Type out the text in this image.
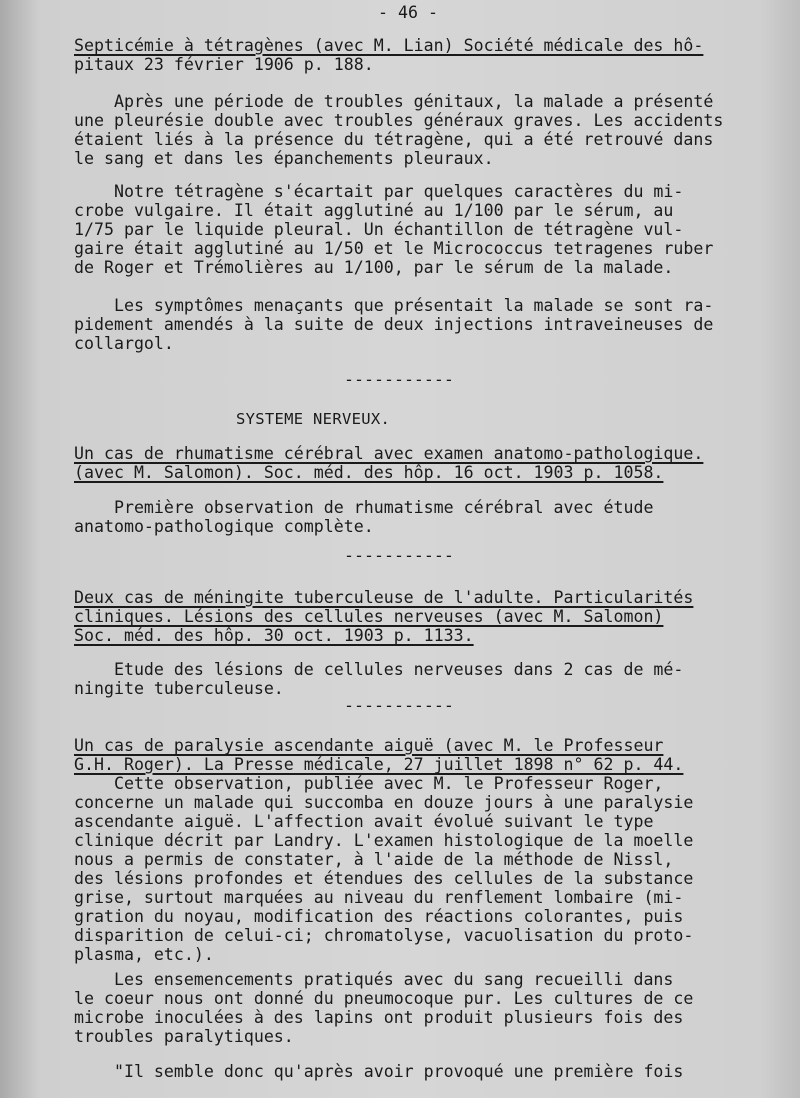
- 46 -
Septicémie à tétragènes (avec M. Lian) Société médicale des hô-
pitaux 23 février 1906 p. 188.
Après une période de troubles génitaux, la malade a présenté
une pleurésie double avec troubles généraux graves. Les accidents
étaient liés à la présence du tétragène, qui a été retrouvé dans
le sang et dans les épanchements pleuraux.
Notre tétragène s'écartait par quelques caractères du mi-
crobe vulgaire. Il était agglutiné au 1/100 par le sérum, au
1/75 par le liquide pleural. Un échantillon de tétragène vul-
gaire était agglutiné au 1/50 et le Micrococcus tetragenes ruber
de Roger et Trémolières au 1/100, par le sérum de la malade.
Les symptômes menaçants que présentait la malade se sont ra-
pidement amendés à la suite de deux injections intraveineuses de
collargol.
-----------
SYSTEME NERVEUX.
Un cas de rhumatisme cérébral avec examen anatomo-pathologique.
(avec M. Salomon). Soc. méd. des hôp. 16 oct. 1903 p. 1058.
Première observation de rhumatisme cérébral avec étude
anatomo-pathologique complète.
-----------
Deux cas de méningite tuberculeuse de l'adulte. Particularités
cliniques. Lésions des cellules nerveuses (avec M. Salomon)
Soc. méd. des hôp. 30 oct. 1903 p. 1133.
Etude des lésions de cellules nerveuses dans 2 cas de mé-
ningite tuberculeuse.
-----------
Un cas de paralysie ascendante aiguë (avec M. le Professeur
G.H. Roger). La Presse médicale, 27 juillet 1898 n° 62 p. 44.
Cette observation, publiée avec M. le Professeur Roger,
concerne un malade qui succomba en douze jours à une paralysie
ascendante aiguë. L'affection avait évolué suivant le type
clinique décrit par Landry. L'examen histologique de la moelle
nous a permis de constater, à l'aide de la méthode de Nissl,
des lésions profondes et étendues des cellules de la substance
grise, surtout marquées au niveau du renflement lombaire (mi-
gration du noyau, modification des réactions colorantes, puis
disparition de celui-ci; chromatolyse, vacuolisation du proto-
plasma, etc.).
Les ensemencements pratiqués avec du sang recueilli dans
le coeur nous ont donné du pneumocoque pur. Les cultures de ce
microbe inoculées à des lapins ont produit plusieurs fois des
troubles paralytiques.
"Il semble donc qu'après avoir provoqué une première fois
